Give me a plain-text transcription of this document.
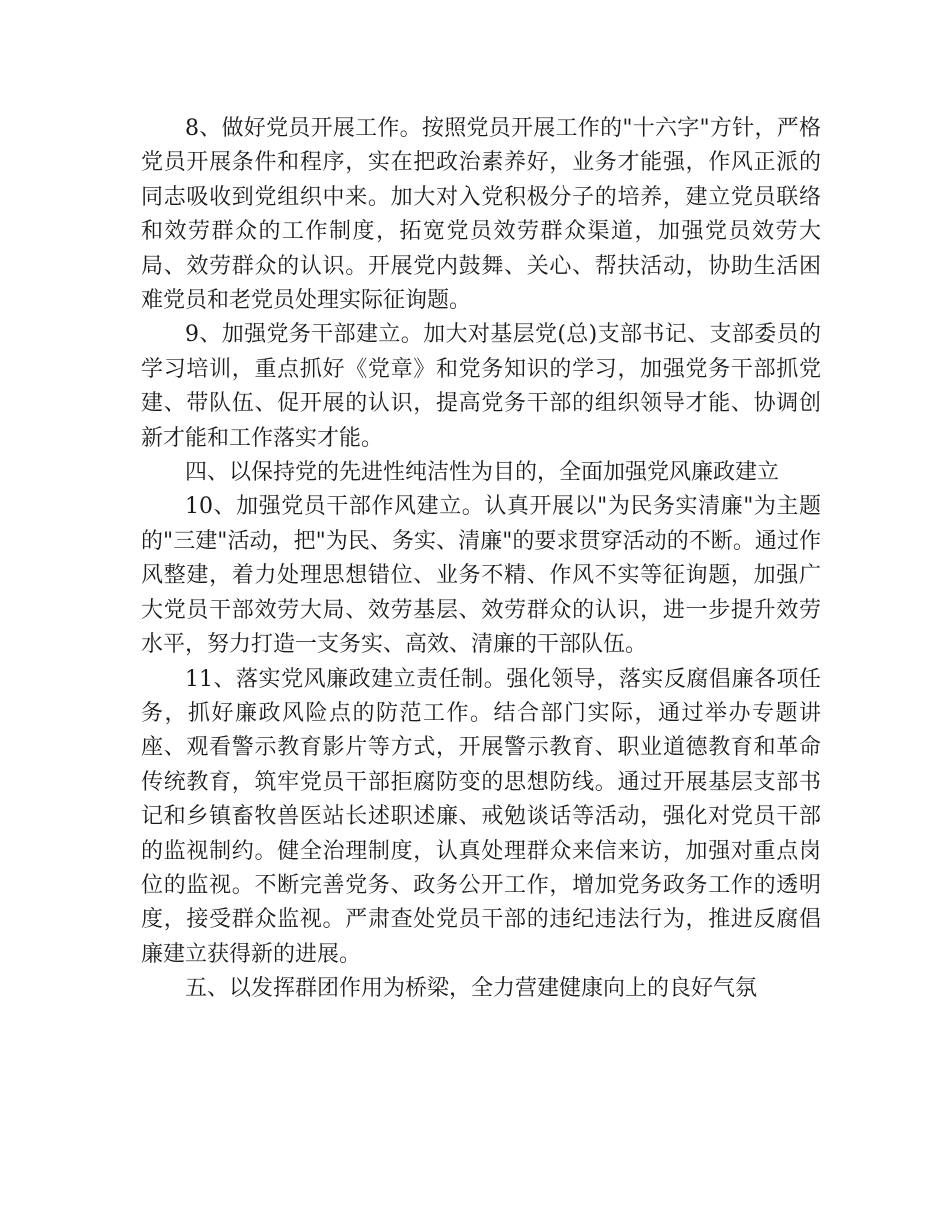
8、做好党员开展工作。按照党员开展工作的"十六字"方针，严格党员开展条件和程序，实在把政治素养好，业务才能强，作风正派的同志吸收到党组织中来。加大对入党积极分子的培养，建立党员联络和效劳群众的工作制度，拓宽党员效劳群众渠道，加强党员效劳大局、效劳群众的认识。开展党内鼓舞、关心、帮扶活动，协助生活困难党员和老党员处理实际征询题。

9、加强党务干部建立。加大对基层党(总)支部书记、支部委员的学习培训，重点抓好《党章》和党务知识的学习，加强党务干部抓党建、带队伍、促开展的认识，提高党务干部的组织领导才能、协调创新才能和工作落实才能。

四、以保持党的先进性纯洁性为目的，全面加强党风廉政建立

10、加强党员干部作风建立。认真开展以"为民务实清廉"为主题的"三建"活动，把"为民、务实、清廉"的要求贯穿活动的不断。通过作风整建，着力处理思想错位、业务不精、作风不实等征询题，加强广大党员干部效劳大局、效劳基层、效劳群众的认识，进一步提升效劳水平，努力打造一支务实、高效、清廉的干部队伍。

11、落实党风廉政建立责任制。强化领导，落实反腐倡廉各项任务，抓好廉政风险点的防范工作。结合部门实际，通过举办专题讲座、观看警示教育影片等方式，开展警示教育、职业道德教育和革命传统教育，筑牢党员干部拒腐防变的思想防线。通过开展基层支部书记和乡镇畜牧兽医站长述职述廉、戒勉谈话等活动，强化对党员干部的监视制约。健全治理制度，认真处理群众来信来访，加强对重点岗位的监视。不断完善党务、政务公开工作，增加党务政务工作的透明度，接受群众监视。严肃查处党员干部的违纪违法行为，推进反腐倡廉建立获得新的进展。

五、以发挥群团作用为桥梁，全力营建健康向上的良好气氛
